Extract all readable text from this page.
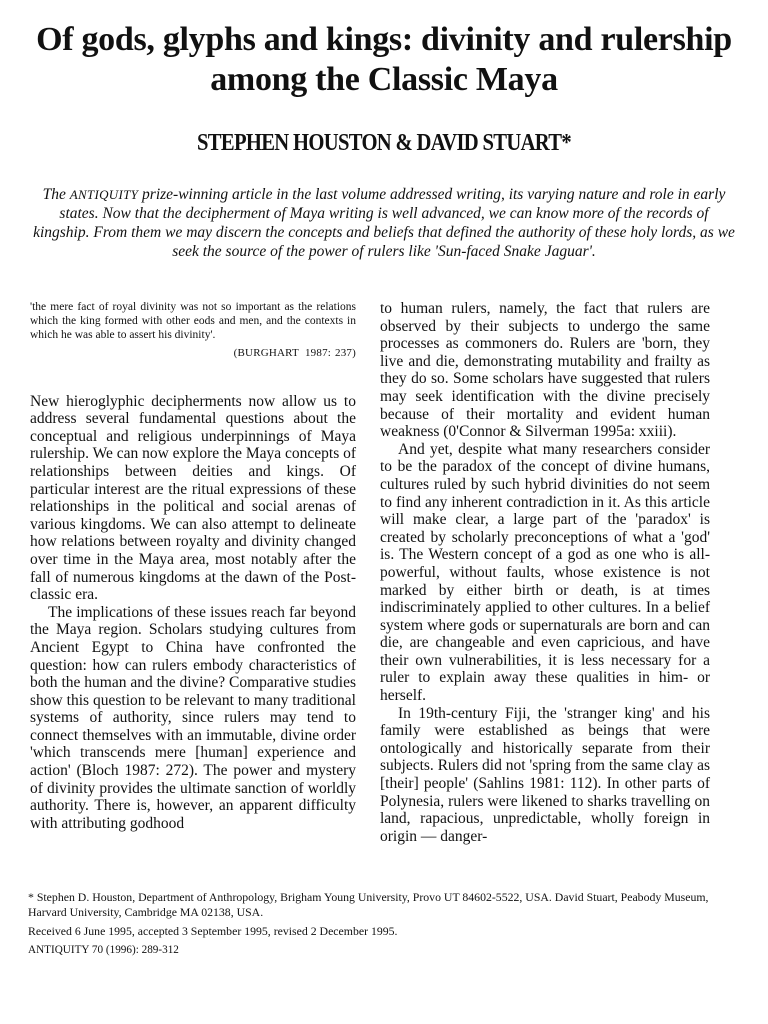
Of gods, glyphs and kings: divinity and rulership among the Classic Maya
STEPHEN HOUSTON & DAVID STUART*

The ANTIQUITY prize-winning article in the last volume addressed writing, its varying nature and role in early states. Now that the decipherment of Maya writing is well advanced, we can know more of the records of kingship. From them we may discern the concepts and beliefs that defined the authority of these holy lords, as we seek the source of the power of rulers like 'Sun-faced Snake Jaguar'.

'the mere fact of royal divinity was not so important as the relations which the king formed with other eods and men, and the contexts in which he was able to assert his divinity'.

(BURGHART 1987: 237)

New hieroglyphic decipherments now allow us to address several fundamental questions about the conceptual and religious underpinnings of Maya rulership. We can now explore the Maya concepts of relationships between deities and kings. Of particular interest are the ritual expressions of these relationships in the political and social arenas of various kingdoms. We can also attempt to delineate how relations between royalty and divinity changed over time in the Maya area, most notably after the fall of numerous kingdoms at the dawn of the Post-classic era.

The implications of these issues reach far beyond the Maya region. Scholars studying cultures from Ancient Egypt to China have confronted the question: how can rulers embody characteristics of both the human and the divine? Comparative studies show this question to be relevant to many traditional systems of authority, since rulers may tend to connect themselves with an immutable, divine order 'which transcends mere [human] experience and action' (Bloch 1987: 272). The power and mystery of divinity provides the ultimate sanction of worldly authority. There is, however, an apparent difficulty with attributing godhood

to human rulers, namely, the fact that rulers are observed by their subjects to undergo the same processes as commoners do. Rulers are 'born, they live and die, demonstrating mutability and frailty as they do so. Some scholars have suggested that rulers may seek identification with the divine precisely because of their mortality and evident human weakness (0'Connor & Silverman 1995a: xxiii).

And yet, despite what many researchers consider to be the paradox of the concept of divine humans, cultures ruled by such hybrid divinities do not seem to find any inherent contradiction in it. As this article will make clear, a large part of the 'paradox' is created by scholarly preconceptions of what a 'god' is. The Western concept of a god as one who is all-powerful, without faults, whose existence is not marked by either birth or death, is at times indiscriminately applied to other cultures. In a belief system where gods or supernaturals are born and can die, are changeable and even capricious, and have their own vulnerabilities, it is less necessary for a ruler to explain away these qualities in him- or herself.

In 19th-century Fiji, the 'stranger king' and his family were established as beings that were ontologically and historically separate from their subjects. Rulers did not 'spring from the same clay as [their] people' (Sahlins 1981: 112). In other parts of Polynesia, rulers were likened to sharks travelling on land, rapacious, unpredictable, wholly foreign in origin — danger-

* Stephen D. Houston, Department of Anthropology, Brigham Young University, Provo UT 84602-5522, USA. David Stuart, Peabody Museum, Harvard University, Cambridge MA 02138, USA.

Received 6 June 1995, accepted 3 September 1995, revised 2 December 1995.

ANTIQUITY 70 (1996): 289-312
